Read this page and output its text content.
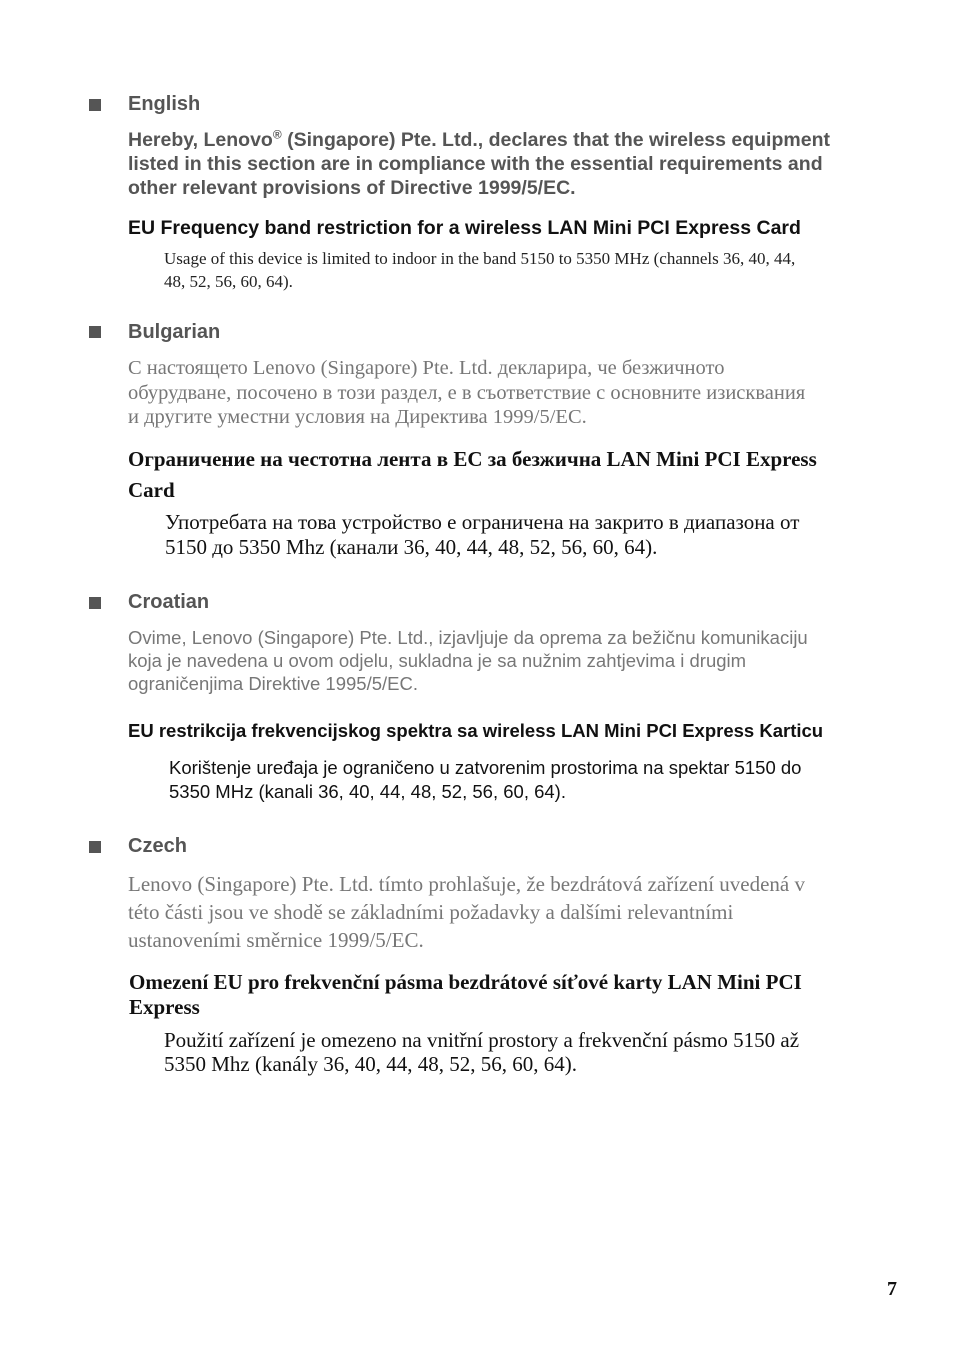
English
Hereby, Lenovo® (Singapore) Pte. Ltd., declares that the wireless equipment
listed in this section are in compliance with the essential requirements and
other relevant provisions of Directive 1999/5/EC.
EU Frequency band restriction for a wireless LAN Mini PCI Express Card
Usage of this device is limited to indoor in the band 5150 to 5350 MHz (channels 36, 40, 44,
48, 52, 56, 60, 64).
Bulgarian
С настоящето Lenovo (Singapore) Pte. Ltd. декларира, че безжичното
обурудване, посочено в този раздел, е в съответствие с основните изисквания
и другите уместни условия на Директива 1999/5/ЕС.
Ограничение на честотна лента в ЕС за безжична LAN Mini PCI Express
Card
Употребата на това устройство е ограничена на закрито в диапазона от
5150 до 5350 Mhz (канали 36, 40, 44, 48, 52, 56, 60, 64).
Croatian
Ovime, Lenovo (Singapore) Pte. Ltd., izjavljuje da oprema za bežičnu komunikaciju
koja je navedena u ovom odjelu, sukladna je sa nužnim zahtjevima i drugim
ograničenjima Direktive 1995/5/EC.
EU restrikcija frekvencijskog spektra sa wireless LAN Mini PCI Express Karticu
Korištenje uređaja je ograničeno u zatvorenim prostorima na spektar 5150 do
5350 MHz (kanali 36, 40, 44, 48, 52, 56, 60, 64).
Czech
Lenovo (Singapore) Pte. Ltd. tímto prohlašuje, že bezdrátová zařízení uvedená v
této části jsou ve shodě se základními požadavky a dalšími relevantními
ustanoveními směrnice 1999/5/EC.
Omezení EU pro frekvenční pásma bezdrátové síťové karty LAN Mini PCI
Express
Použití zařízení je omezeno na vnitřní prostory a frekvenční pásmo 5150 až
5350 Mhz (kanály 36, 40, 44, 48, 52, 56, 60, 64).
7
